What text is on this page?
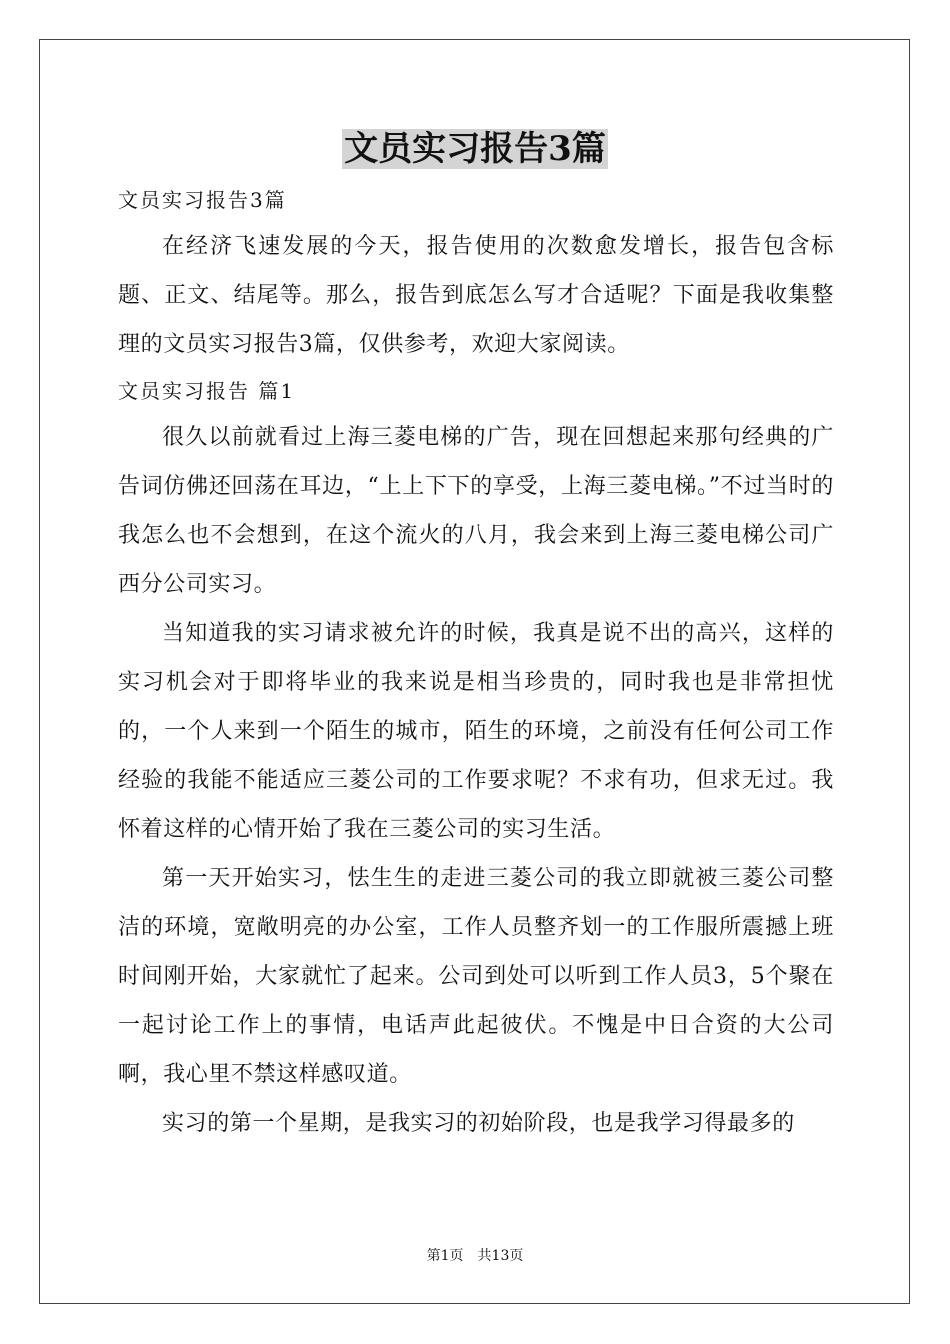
文员实习报告3篇

文员实习报告3篇

在经济飞速发展的今天，报告使用的次数愈发增长，报告包含标题、正文、结尾等。那么，报告到底怎么写才合适呢？下面是我收集整理的文员实习报告3篇，仅供参考，欢迎大家阅读。

文员实习报告 篇1

很久以前就看过上海三菱电梯的广告，现在回想起来那句经典的广告词仿佛还回荡在耳边，“上上下下的享受，上海三菱电梯。”不过当时的我怎么也不会想到，在这个流火的八月，我会来到上海三菱电梯公司广西分公司实习。

当知道我的实习请求被允许的时候，我真是说不出的高兴，这样的实习机会对于即将毕业的我来说是相当珍贵的，同时我也是非常担忧的，一个人来到一个陌生的城市，陌生的环境，之前没有任何公司工作经验的我能不能适应三菱公司的工作要求呢？不求有功，但求无过。我怀着这样的心情开始了我在三菱公司的实习生活。

第一天开始实习，怯生生的走进三菱公司的我立即就被三菱公司整洁的环境，宽敞明亮的办公室，工作人员整齐划一的工作服所震撼上班时间刚开始，大家就忙了起来。公司到处可以听到工作人员3，5个聚在一起讨论工作上的事情，电话声此起彼伏。不愧是中日合资的大公司啊，我心里不禁这样感叹道。

实习的第一个星期，是我实习的初始阶段，也是我学习得最多的

第1页　共13页
